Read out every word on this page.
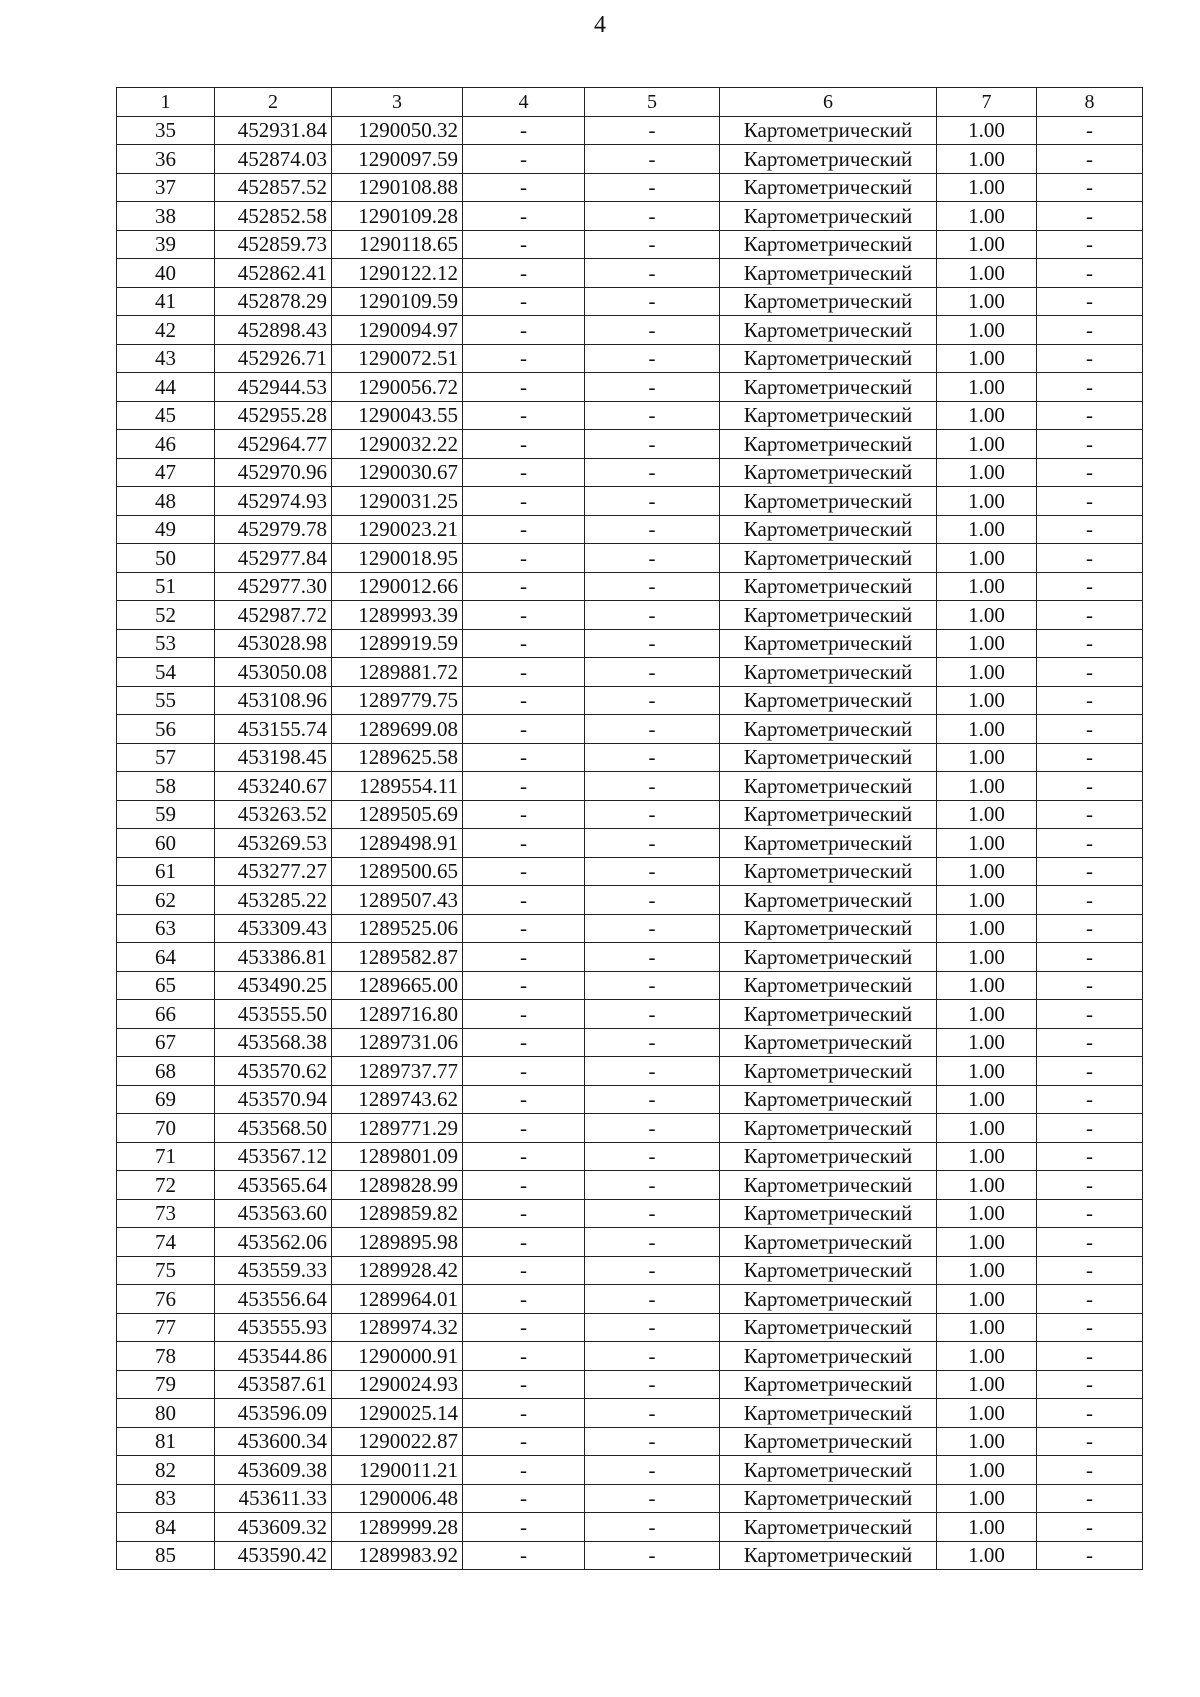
4
1	2	3	4	5	6	7	8
35	452931.84	1290050.32	-	-	Картометрический	1.00	-
36	452874.03	1290097.59	-	-	Картометрический	1.00	-
37	452857.52	1290108.88	-	-	Картометрический	1.00	-
38	452852.58	1290109.28	-	-	Картометрический	1.00	-
39	452859.73	1290118.65	-	-	Картометрический	1.00	-
40	452862.41	1290122.12	-	-	Картометрический	1.00	-
41	452878.29	1290109.59	-	-	Картометрический	1.00	-
42	452898.43	1290094.97	-	-	Картометрический	1.00	-
43	452926.71	1290072.51	-	-	Картометрический	1.00	-
44	452944.53	1290056.72	-	-	Картометрический	1.00	-
45	452955.28	1290043.55	-	-	Картометрический	1.00	-
46	452964.77	1290032.22	-	-	Картометрический	1.00	-
47	452970.96	1290030.67	-	-	Картометрический	1.00	-
48	452974.93	1290031.25	-	-	Картометрический	1.00	-
49	452979.78	1290023.21	-	-	Картометрический	1.00	-
50	452977.84	1290018.95	-	-	Картометрический	1.00	-
51	452977.30	1290012.66	-	-	Картометрический	1.00	-
52	452987.72	1289993.39	-	-	Картометрический	1.00	-
53	453028.98	1289919.59	-	-	Картометрический	1.00	-
54	453050.08	1289881.72	-	-	Картометрический	1.00	-
55	453108.96	1289779.75	-	-	Картометрический	1.00	-
56	453155.74	1289699.08	-	-	Картометрический	1.00	-
57	453198.45	1289625.58	-	-	Картометрический	1.00	-
58	453240.67	1289554.11	-	-	Картометрический	1.00	-
59	453263.52	1289505.69	-	-	Картометрический	1.00	-
60	453269.53	1289498.91	-	-	Картометрический	1.00	-
61	453277.27	1289500.65	-	-	Картометрический	1.00	-
62	453285.22	1289507.43	-	-	Картометрический	1.00	-
63	453309.43	1289525.06	-	-	Картометрический	1.00	-
64	453386.81	1289582.87	-	-	Картометрический	1.00	-
65	453490.25	1289665.00	-	-	Картометрический	1.00	-
66	453555.50	1289716.80	-	-	Картометрический	1.00	-
67	453568.38	1289731.06	-	-	Картометрический	1.00	-
68	453570.62	1289737.77	-	-	Картометрический	1.00	-
69	453570.94	1289743.62	-	-	Картометрический	1.00	-
70	453568.50	1289771.29	-	-	Картометрический	1.00	-
71	453567.12	1289801.09	-	-	Картометрический	1.00	-
72	453565.64	1289828.99	-	-	Картометрический	1.00	-
73	453563.60	1289859.82	-	-	Картометрический	1.00	-
74	453562.06	1289895.98	-	-	Картометрический	1.00	-
75	453559.33	1289928.42	-	-	Картометрический	1.00	-
76	453556.64	1289964.01	-	-	Картометрический	1.00	-
77	453555.93	1289974.32	-	-	Картометрический	1.00	-
78	453544.86	1290000.91	-	-	Картометрический	1.00	-
79	453587.61	1290024.93	-	-	Картометрический	1.00	-
80	453596.09	1290025.14	-	-	Картометрический	1.00	-
81	453600.34	1290022.87	-	-	Картометрический	1.00	-
82	453609.38	1290011.21	-	-	Картометрический	1.00	-
83	453611.33	1290006.48	-	-	Картометрический	1.00	-
84	453609.32	1289999.28	-	-	Картометрический	1.00	-
85	453590.42	1289983.92	-	-	Картометрический	1.00	-
